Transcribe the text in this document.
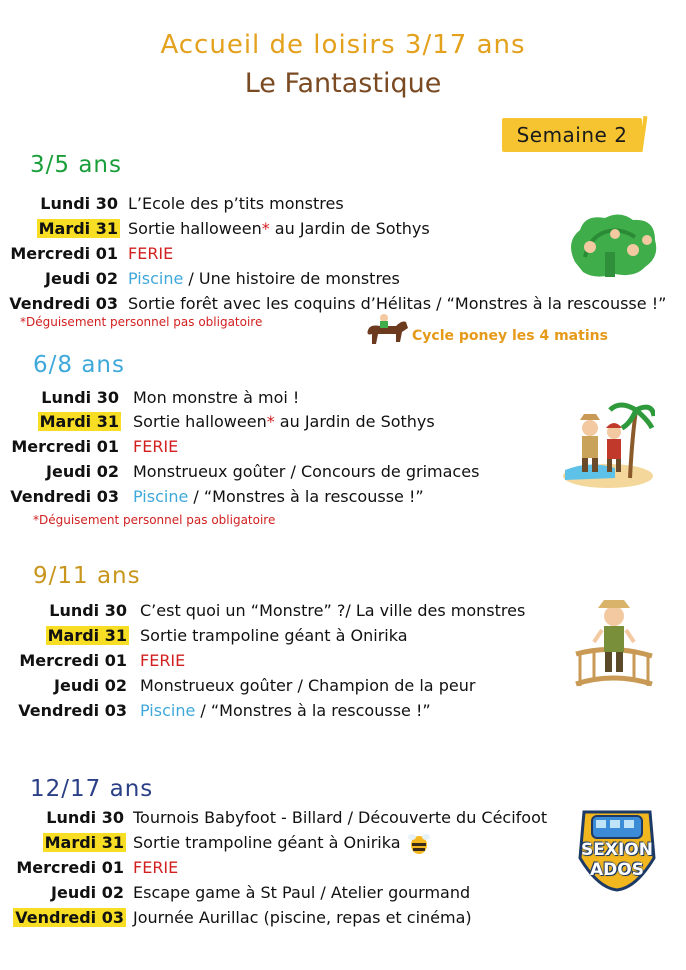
Accueil de loisirs 3/17 ans
Le Fantastique
Semaine 2
3/5 ans
Lundi 30 L’Ecole des p’tits monstres
Mardi 31 Sortie halloween* au Jardin de Sothys
Mercredi 01 FERIE
Jeudi 02 Piscine / Une histoire de monstres
Vendredi 03 Sortie forêt avec les coquins d’Hélitas / “Monstres à la rescousse !”
6/8 ans
Lundi 30 Mon monstre à moi !
Mardi 31 Sortie halloween* au Jardin de Sothys
Mercredi 01 FERIE
Jeudi 02 Monstrueux goûter / Concours de grimaces
Vendredi 03 Piscine / “Monstres à la rescousse !”
9/11 ans
Lundi 30 C’est quoi un “Monstre” ?/ La ville des monstres
Mardi 31 Sortie trampoline géant à Onirika
Mercredi 01 FERIE
Jeudi 02 Monstrueux goûter / Champion de la peur
Vendredi 03 Piscine / “Monstres à la rescousse !”
12/17 ans
Lundi 30 Tournois Babyfoot - Billard / Découverte du Cécifoot
Mardi 31 Sortie trampoline géant à Onirika
Mercredi 01 FERIE
Jeudi 02 Escape game à St Paul / Atelier gourmand
Vendredi 03 Journée Aurillac (piscine, repas et cinéma)
*Déguisement personnel pas obligatoire
Cycle poney les 4 matins
*Déguisement personnel pas obligatoire
SEXION
ADOS
